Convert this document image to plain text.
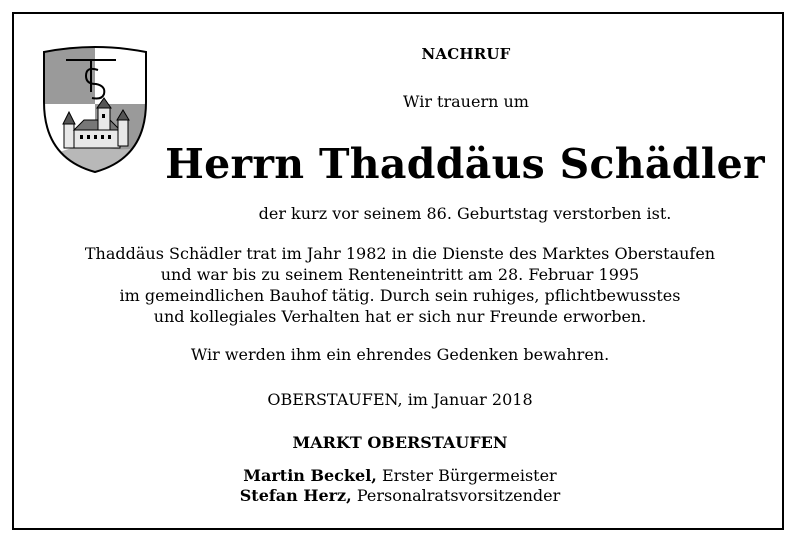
NACHRUF
Wir trauern um
Herrn Thaddäus Schädler
der kurz vor seinem 86. Geburtstag verstorben ist.
Thaddäus Schädler trat im Jahr 1982 in die Dienste des Marktes Oberstaufen
und war bis zu seinem Renteneintritt am 28. Februar 1995
im gemeindlichen Bauhof tätig. Durch sein ruhiges, pflichtbewusstes
und kollegiales Verhalten hat er sich nur Freunde erworben.
Wir werden ihm ein ehrendes Gedenken bewahren.
OBERSTAUFEN, im Januar 2018
MARKT OBERSTAUFEN
Martin Beckel, Erster Bürgermeister
Stefan Herz, Personalratsvorsitzender
